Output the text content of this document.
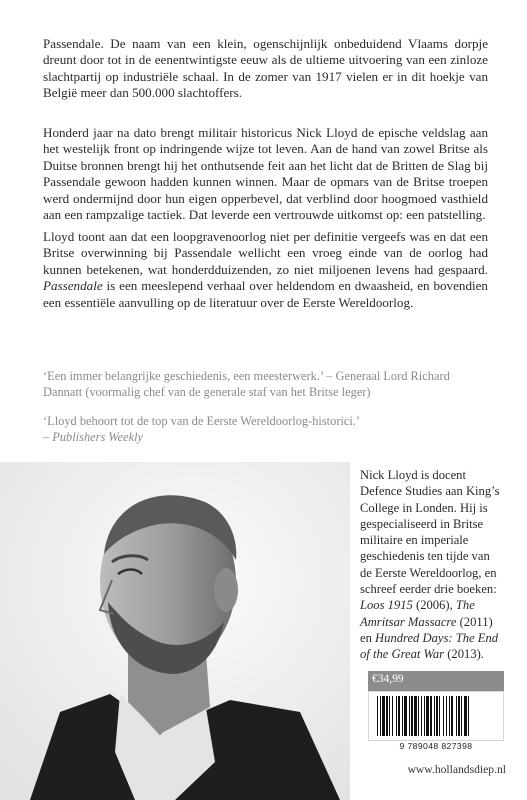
Passendale. De naam van een klein, ogenschijnlijk onbeduidend Vlaams dorpje dreunt door tot in de eenentwintigste eeuw als de ultieme uitvoering van een zinloze slachtpartij op industriële schaal. In de zomer van 1917 vielen er in dit hoekje van België meer dan 500.000 slachtoffers.

Honderd jaar na dato brengt militair historicus Nick Lloyd de epische veldslag aan het westelijk front op indringende wijze tot leven. Aan de hand van zowel Britse als Duitse bronnen brengt hij het onthutsende feit aan het licht dat de Britten de Slag bij Passendale gewoon hadden kunnen winnen. Maar de opmars van de Britse troepen werd ondermijnd door hun eigen opperbevel, dat verblind door hoogmoed vasthield aan een rampzalige tactiek. Dat leverde een vertrouwde uitkomst op: een patstelling.

Lloyd toont aan dat een loopgravenoorlog niet per definitie vergeefs was en dat een Britse overwinning bij Passendale wellicht een vroeg einde van de oorlog had kunnen betekenen, wat honderdduizenden, zo niet miljoenen levens had gespaard. Passendale is een meeslepend verhaal over heldendom en dwaasheid, en bovendien een essentiële aanvulling op de literatuur over de Eerste Wereldoorlog.

‘Een immer belangrijke geschiedenis, een meesterwerk.’ – Generaal Lord Richard Dannatt (voormalig chef van de generale staf van het Britse leger)

‘Lloyd behoort tot de top van de Eerste Wereldoorlog-historici.’
– Publishers Weekly

Nick Lloyd is docent Defence Studies aan King’s College in Londen. Hij is gespecialiseerd in Britse militaire en imperiale geschiedenis ten tijde van de Eerste Wereldoorlog, en schreef eerder drie boeken: Loos 1915 (2006), The Amritsar Massacre (2011) en Hundred Days: The End of the Great War (2013).

€34,99
9 789048 827398
www.hollandsdiep.nl
